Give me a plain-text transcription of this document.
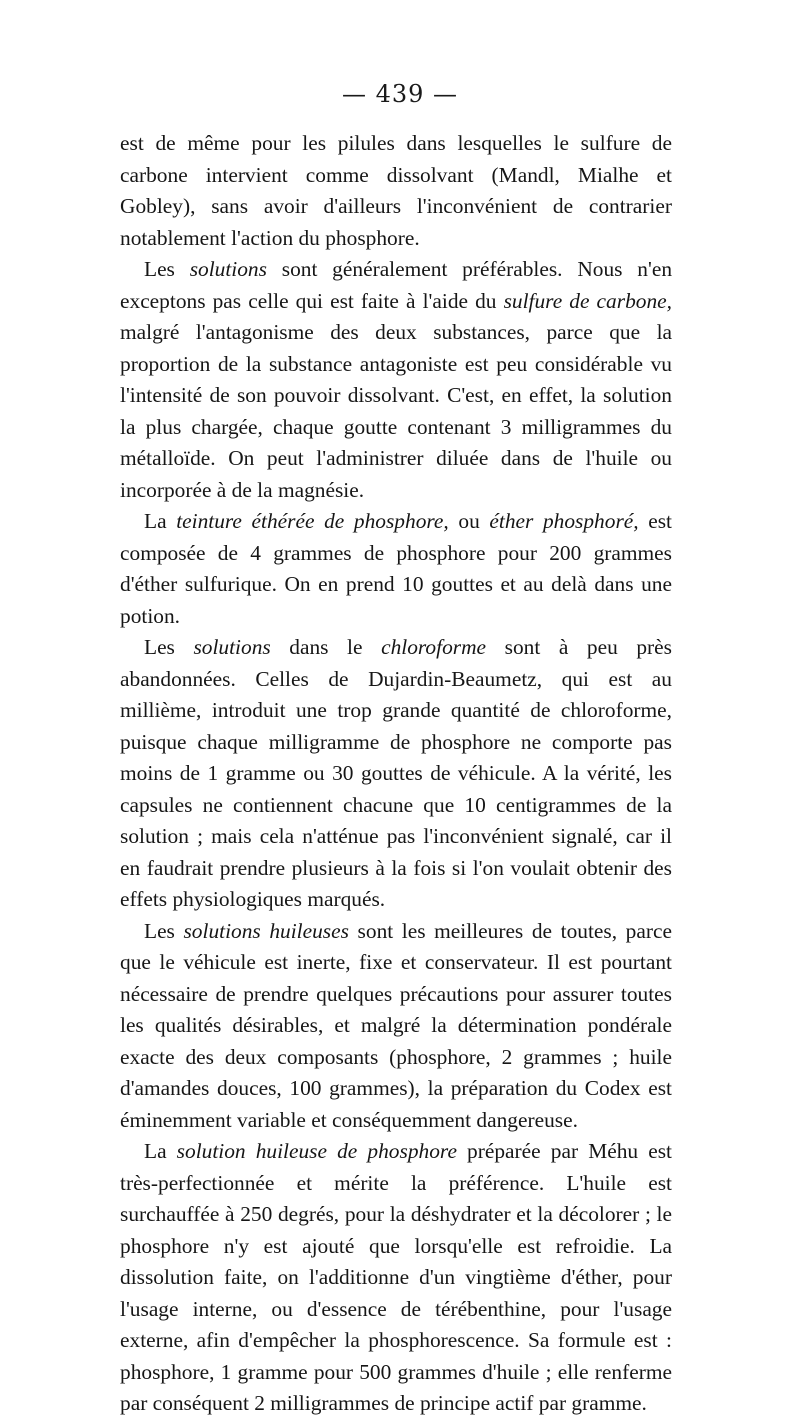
— 439 —

est de même pour les pilules dans lesquelles le sulfure de carbone intervient comme dissolvant (Mandl, Mialhe et Gobley), sans avoir d'ailleurs l'inconvénient de contrarier notablement l'action du phosphore.

Les solutions sont généralement préférables. Nous n'en exceptons pas celle qui est faite à l'aide du sulfure de carbone, malgré l'antagonisme des deux substances, parce que la proportion de la substance antagoniste est peu considérable vu l'intensité de son pouvoir dissolvant. C'est, en effet, la solution la plus chargée, chaque goutte contenant 3 milligrammes du métalloïde. On peut l'administrer diluée dans de l'huile ou incorporée à de la magnésie.

La teinture éthérée de phosphore, ou éther phosphoré, est composée de 4 grammes de phosphore pour 200 grammes d'éther sulfurique. On en prend 10 gouttes et au delà dans une potion.

Les solutions dans le chloroforme sont à peu près abandonnées. Celles de Dujardin-Beaumetz, qui est au millième, introduit une trop grande quantité de chloroforme, puisque chaque milligramme de phosphore ne comporte pas moins de 1 gramme ou 30 gouttes de véhicule. A la vérité, les capsules ne contiennent chacune que 10 centigrammes de la solution ; mais cela n'atténue pas l'inconvénient signalé, car il en faudrait prendre plusieurs à la fois si l'on voulait obtenir des effets physiologiques marqués.

Les solutions huileuses sont les meilleures de toutes, parce que le véhicule est inerte, fixe et conservateur. Il est pourtant nécessaire de prendre quelques précautions pour assurer toutes les qualités désirables, et malgré la détermination pondérale exacte des deux composants (phosphore, 2 grammes ; huile d'amandes douces, 100 grammes), la préparation du Codex est éminemment variable et conséquemment dangereuse.

La solution huileuse de phosphore préparée par Méhu est très-perfectionnée et mérite la préférence. L'huile est surchauffée à 250 degrés, pour la déshydrater et la décolorer ; le phosphore n'y est ajouté que lorsqu'elle est refroidie. La dissolution faite, on l'additionne d'un vingtième d'éther, pour l'usage interne, ou d'essence de térébenthine, pour l'usage externe, afin d'empêcher la phosphorescence. Sa formule est : phosphore, 1 gramme pour 500 grammes d'huile ; elle renferme par conséquent 2 milligrammes de principe actif par gramme.
